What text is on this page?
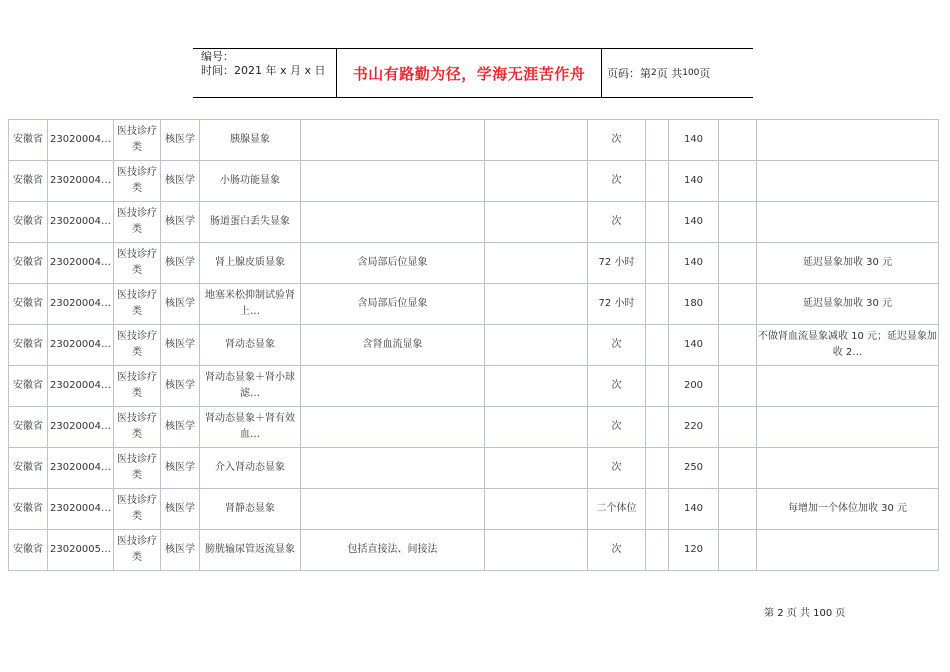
编号：
时间：2021 年 x 月 x 日	书山有路勤为径，学海无涯苦作舟	页码：第 2 页 共 100 页
安徽省	23020004…	医技诊疗类	核医学	胰腺显象			次		140		
安徽省	23020004…	医技诊疗类	核医学	小肠功能显象			次		140		
安徽省	23020004…	医技诊疗类	核医学	肠道蛋白丢失显象			次		140		
安徽省	23020004…	医技诊疗类	核医学	肾上腺皮质显象	含局部后位显象		72 小时		140		延迟显象加收 30 元
安徽省	23020004…	医技诊疗类	核医学	地塞米松抑制试验肾上…	含局部后位显象		72 小时		180		延迟显象加收 30 元
安徽省	23020004…	医技诊疗类	核医学	肾动态显象	含肾血流显象		次		140		不做肾血流显象减收 10 元；延迟显象加收 2…
安徽省	23020004…	医技诊疗类	核医学	肾动态显象＋肾小球滤…			次		200		
安徽省	23020004…	医技诊疗类	核医学	肾动态显象＋肾有效血…			次		220		
安徽省	23020004…	医技诊疗类	核医学	介入肾动态显象			次		250		
安徽省	23020004…	医技诊疗类	核医学	肾静态显象			二个体位		140		每增加一个体位加收 30 元
安徽省	23020005…	医技诊疗类	核医学	膀胱输尿管返流显象	包括直接法、间接法		次		120		
第 2 页 共 100 页
